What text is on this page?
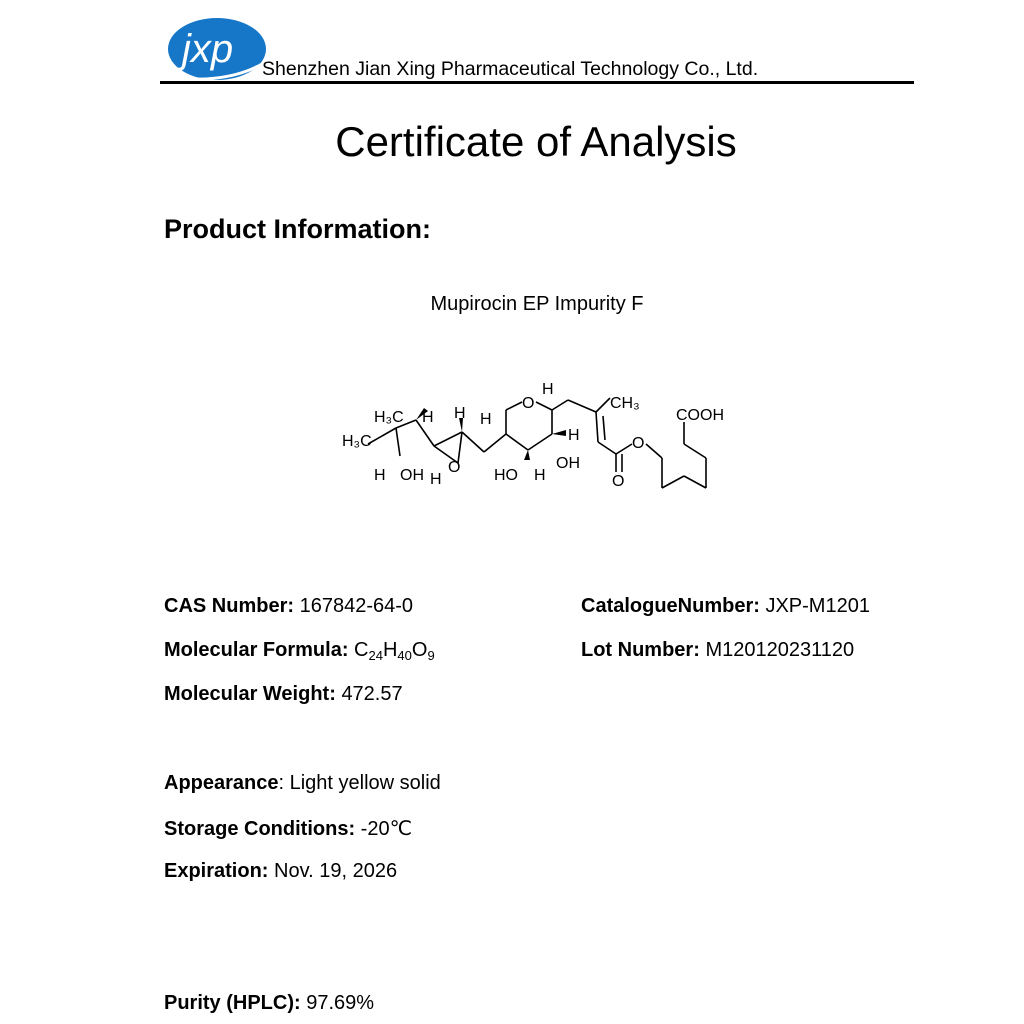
jxp Shenzhen Jian Xing Pharmaceutical Technology Co., Ltd.
Certificate of Analysis
Product Information:
Mupirocin EP Impurity F
H₃C H
H₃C
H OH H
H
O
H
O
H
H
OH
HO H
CH₃
O
O
COOH
CAS Number: 167842-64-0	CatalogueNumber: JXP-M1201
Molecular Formula: $C_{24}H_{40}O_9$	Lot Number: M120120231120
Molecular Weight: 472.57
Appearance: Light yellow solid
Storage Conditions: -20℃
Expiration: Nov. 19, 2026
Purity (HPLC): 97.69%
